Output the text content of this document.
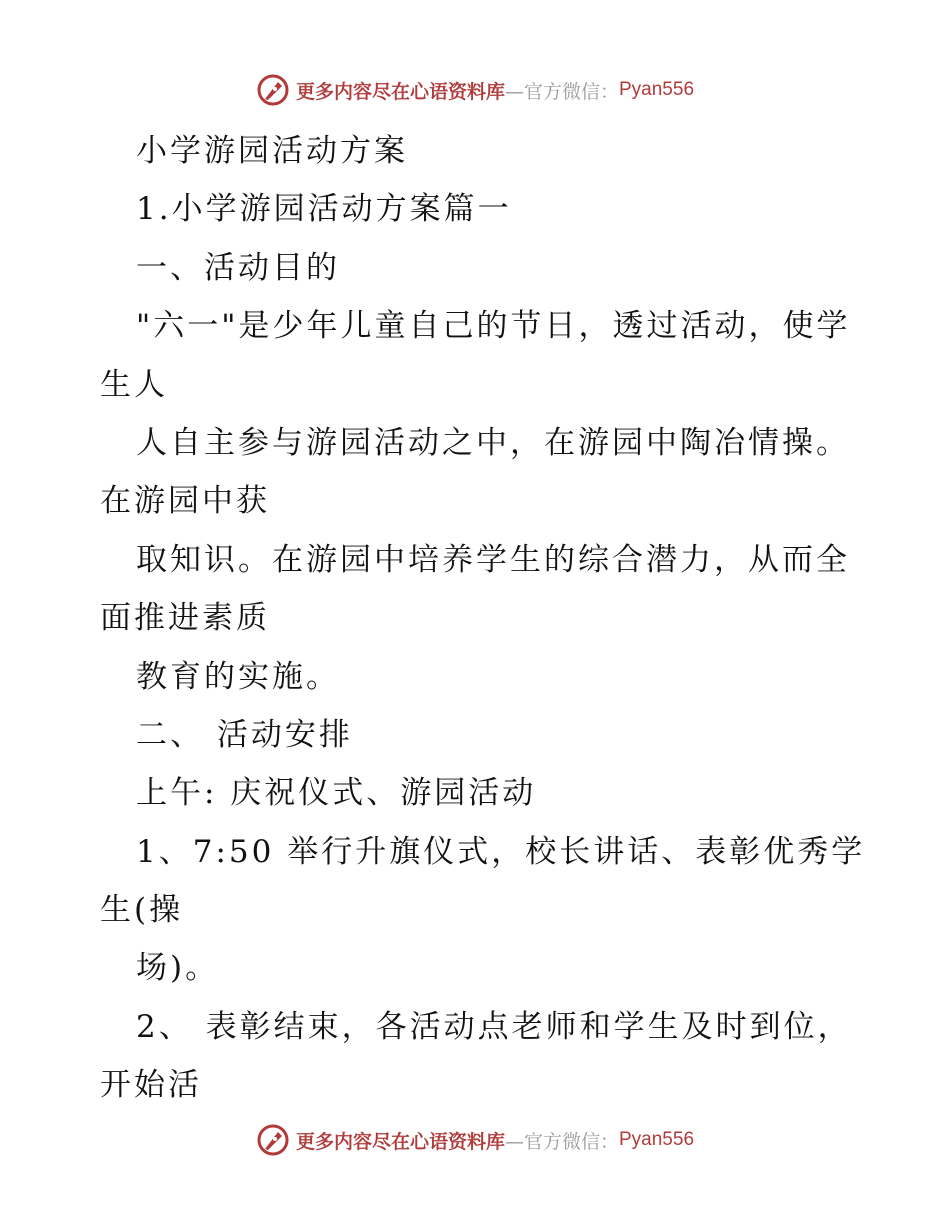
更多内容尽在心语资料库 —官方微信： Pyan556
小学游园活动方案
1.小学游园活动方案篇一
一、活动目的
"六一"是少年儿童自己的节日，透过活动，使学
生人
人自主参与游园活动之中，在游园中陶冶情操。
在游园中获
取知识。在游园中培养学生的综合潜力，从而全
面推进素质
教育的实施。
二、 活动安排
上午: 庆祝仪式、游园活动
1、7:50 举行升旗仪式，校长讲话、表彰优秀学
生(操
场)。
2、 表彰结束，各活动点老师和学生及时到位，
开始活
更多内容尽在心语资料库 —官方微信： Pyan556
